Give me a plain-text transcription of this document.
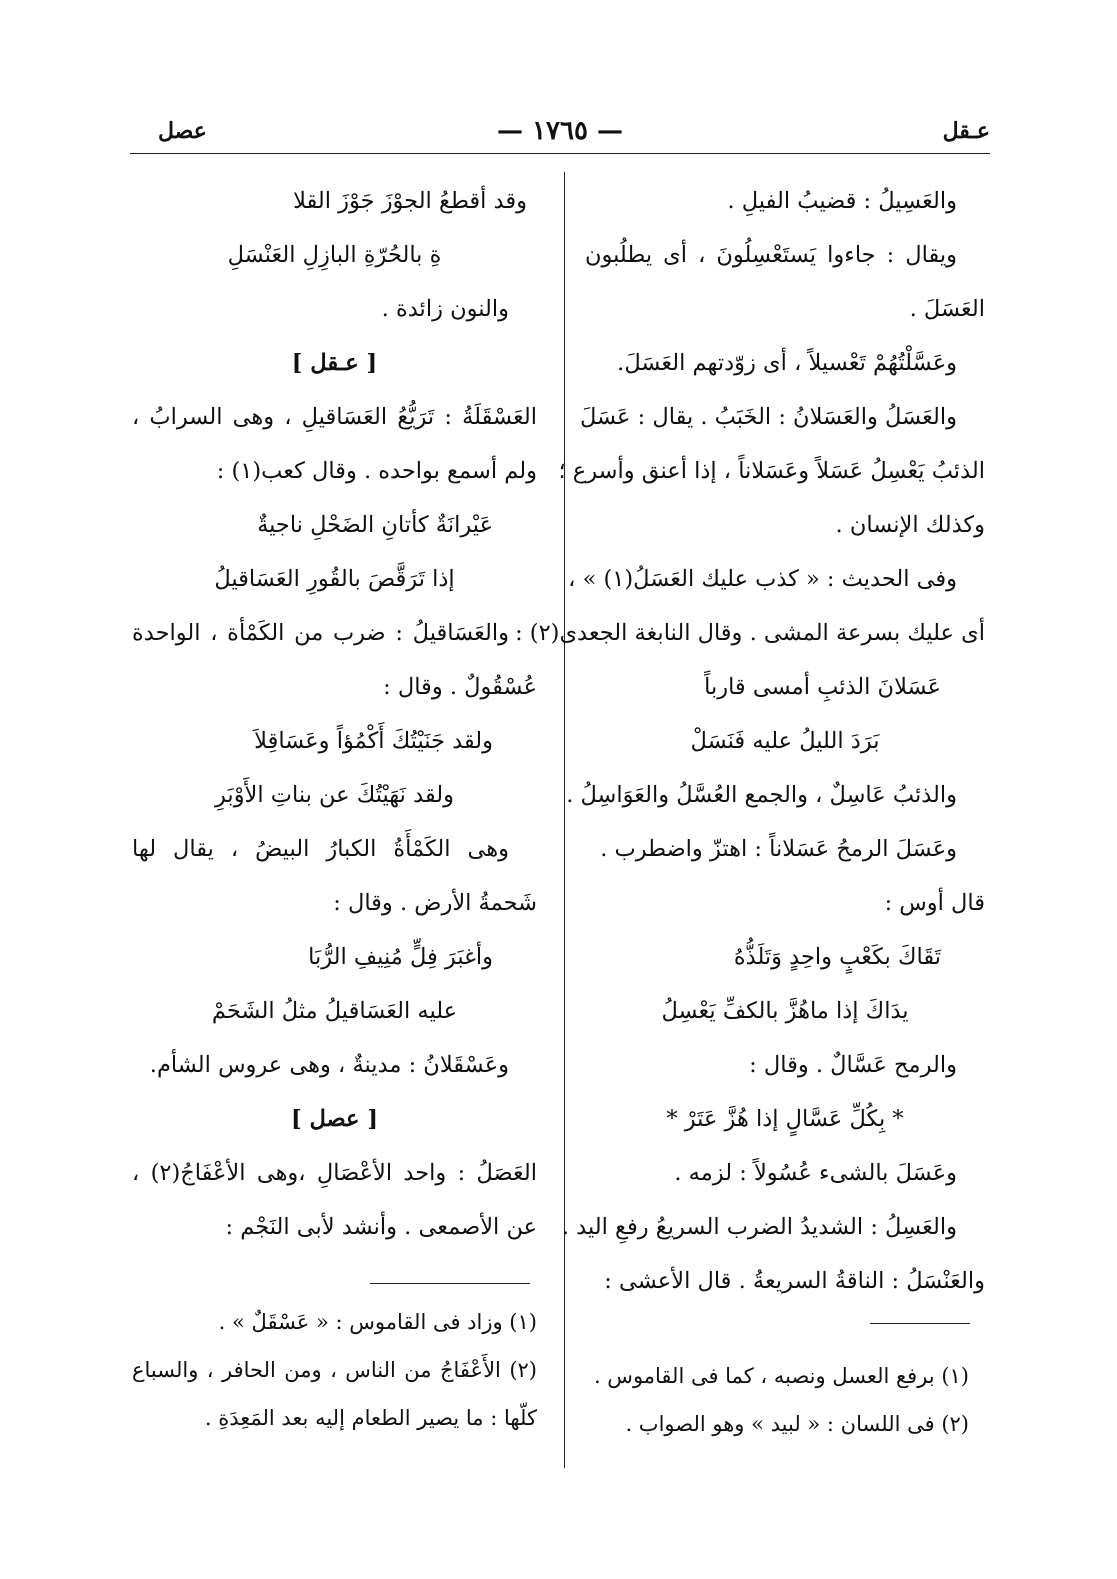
عـقل
— ١٧٦٥ —
عصل
والعَسِيلُ : قضيبُ الفيلِ .
ويقال : جاءوا يَستَعْسِلُونَ ، أى يطلُبون
العَسَلَ .
وعَسَّلْتُهُمْ تَعْسيلاً ، أى زوّدتهم العَسَلَ.
والعَسَلُ والعَسَلانُ : الخَبَبُ . يقال : عَسَلَ
الذئبُ يَعْسِلُ عَسَلاً وعَسَلاناً ، إذا أعنق وأسرع ؛
وكذلك الإنسان .
وفى الحديث : « كذب عليك العَسَلُ(١) » ،
أى عليك بسرعة المشى . وقال النابغة الجعدى(٢) :
عَسَلانَ الذئبِ أمسى قارباً
بَرَدَ الليلُ عليه فَنَسَلْ
والذئبُ عَاسِلٌ ، والجمع العُسَّلُ والعَوَاسِلُ .
وعَسَلَ الرمحُ عَسَلاناً : اهتزّ واضطرب .
قال أوس :
تَقَاكَ بكَعْبٍ واحِدٍ وَتَلَذُّهُ
يدَاكَ إذا ماهُزَّ بالكفِّ يَعْسِلُ
والرمح عَسَّالٌ . وقال :
* بِكُلِّ عَسَّالٍ إذا هُزَّ عَتَرْ *
وعَسَلَ بالشىء عُسُولاً : لزمه .
والعَسِلُ : الشديدُ الضرب السريعُ رفعِ اليد .
والعَنْسَلُ : الناقةُ السريعةُ . قال الأعشى :
(١) برفع العسل ونصبه ، كما فى القاموس .
(٢) فى اللسان : « لبيد » وهو الصواب .
وقد أقطعُ الجوْزَ جَوْزَ القلا
ةِ بالحُرّةِ البازِلِ العَنْسَلِ
والنون زائدة .
[ عـقل ]
العَسْقَلَةُ : تَرَيُّعُ العَسَاقيلِ ، وهى السرابُ ،
ولم أسمع بواحده . وقال كعب(١) :
عَيْرانَةٌ كأتانِ الضَحْلِ ناجيةٌ
إذا تَرَقَّصَ بالقُورِ العَسَاقيلُ
والعَسَاقيلُ : ضرب من الكَمْأة ، الواحدة
عُسْقُولٌ . وقال :
ولقد جَنَيْتُكَ أَكْمُؤاً وعَسَاقِلاَ
ولقد نَهَيْتُكَ عن بناتِ الأَوْبَرِ
وهى الكَمْأَةُ الكبارُ البيضُ ، يقال لها
شَحمةُ الأرض . وقال :
وأغبَرَ فِلٍّ مُنِيفِ الرُّبَا
عليه العَسَاقيلُ مثلُ الشَحَمْ
وعَسْقَلانُ : مدينةٌ ، وهى عروس الشأم.
[ عصل ]
العَصَلُ : واحد الأعْصَالِ ،وهى الأعْفَاجُ(٢) ،
عن الأصمعى . وأنشد لأبى النَجْم :
(١) وزاد فى القاموس : « عَسْقَلٌ » .
(٢) الأَعْفَاجُ من الناس ، ومن الحافر ، والسباع
كلّها : ما يصير الطعام إليه بعد المَعِدَةِ .
